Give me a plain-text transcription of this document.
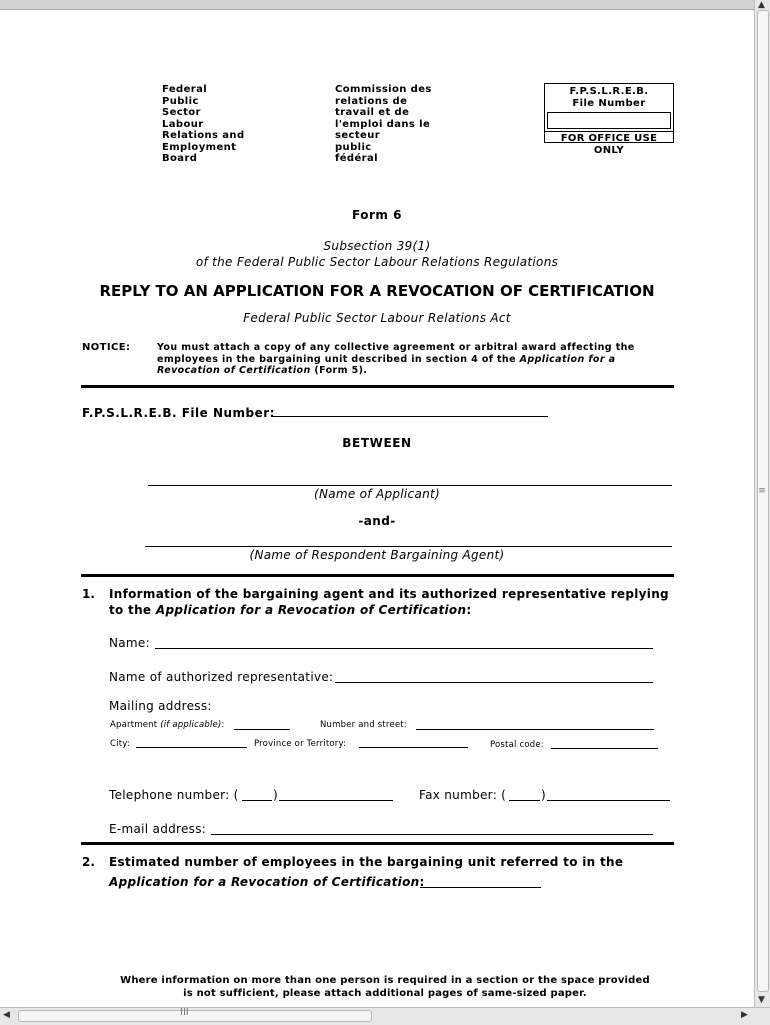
Federal
Public
Sector
Labour
Relations and
Employment
Board
Commission des
relations de
travail et de
l'emploi dans le
secteur
public
fédéral
F.P.S.L.R.E.B. File Number
FOR OFFICE USE ONLY
Form 6
Subsection 39(1)
of the Federal Public Sector Labour Relations Regulations
REPLY TO AN APPLICATION FOR A REVOCATION OF CERTIFICATION
Federal Public Sector Labour Relations Act
NOTICE:	You must attach a copy of any collective agreement or arbitral award affecting the employees in the bargaining unit described in section 4 of the Application for a Revocation of Certification (Form 5).
F.P.S.L.R.E.B. File Number:
BETWEEN
(Name of Applicant)
-and-
(Name of Respondent Bargaining Agent)
1. Information of the bargaining agent and its authorized representative replying to the Application for a Revocation of Certification:
Name:
Name of authorized representative:
Mailing address:
Apartment (if applicable):	Number and street:
City:	Province or Territory:	Postal code:
Telephone number: (	)	Fax number: (	)
E-mail address:
2. Estimated number of employees in the bargaining unit referred to in the
Application for a Revocation of Certification:
Where information on more than one person is required in a section or the space provided
is not sufficient, please attach additional pages of same-sized paper.
▲
≡
▼
◀	III	▶
